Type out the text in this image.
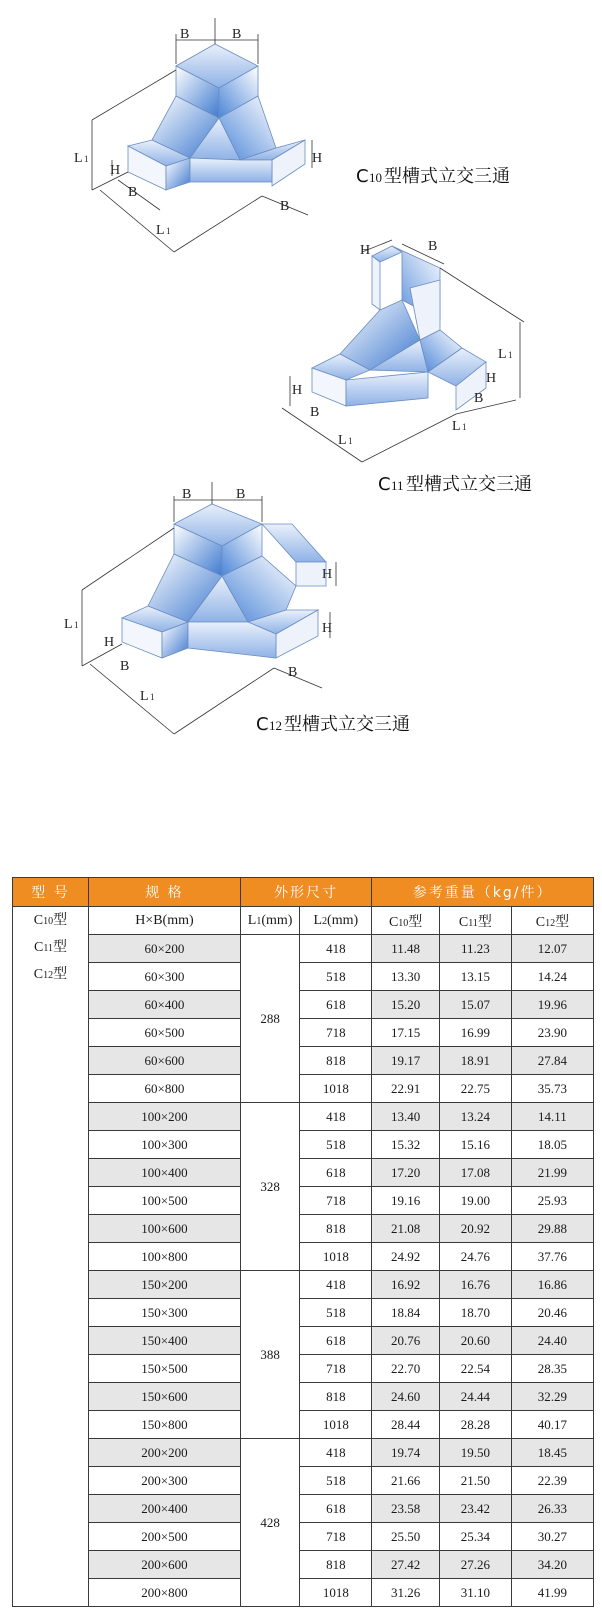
B	B
L 1
H
H
B
B
L 1
C 10 型槽式立交三通
H	B
L 1
H
H
B
B
L 1
L 1
C 11 型槽式立交三通
B	B
L 1
H
H
H
B	B
L 1
C 12 型槽式立交三通
型 号	规 格	外形尺寸		参考重量（kg/件）		

C10型
C11型
C12型	H×B(mm)	L1(mm)	L2(mm)	C10型	C11型	C12型
	60×200	288	418	11.48	11.23	12.07
	60×300		518	13.30	13.15	14.24
	60×400		618	15.20	15.07	19.96
	60×500		718	17.15	16.99	23.90
	60×600		818	19.17	18.91	27.84
	60×800		1018	22.91	22.75	35.73
	100×200	328	418	13.40	13.24	14.11
	100×300		518	15.32	15.16	18.05
	100×400		618	17.20	17.08	21.99
	100×500		718	19.16	19.00	25.93
	100×600		818	21.08	20.92	29.88
	100×800		1018	24.92	24.76	37.76
	150×200	388	418	16.92	16.76	16.86
	150×300		518	18.84	18.70	20.46
	150×400		618	20.76	20.60	24.40
	150×500		718	22.70	22.54	28.35
	150×600		818	24.60	24.44	32.29
	150×800		1018	28.44	28.28	40.17
	200×200	428	418	19.74	19.50	18.45
	200×300		518	21.66	21.50	22.39
	200×400		618	23.58	23.42	26.33
	200×500		718	25.50	25.34	30.27
	200×600		818	27.42	27.26	34.20
	200×800		1018	31.26	31.10	41.99
